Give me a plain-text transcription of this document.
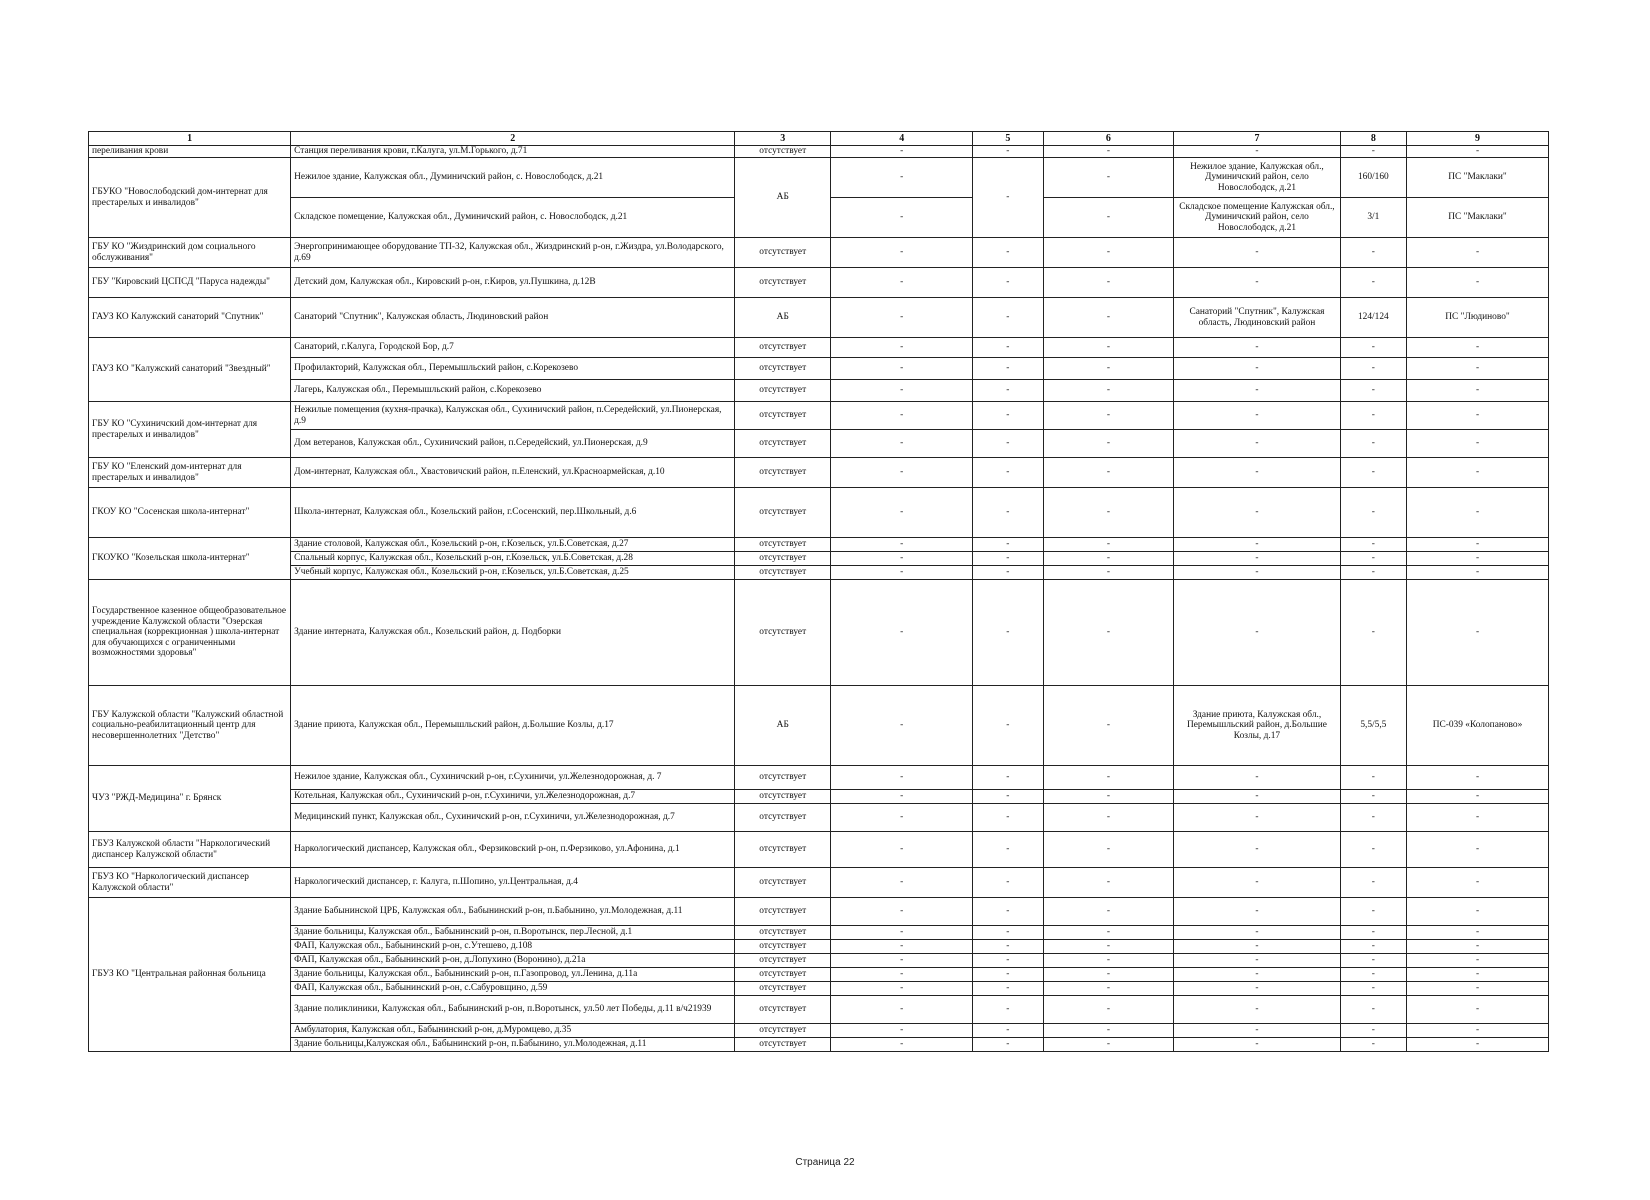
1	2	3	4	5	6	7	8	9
переливания крови	Станция переливания крови, г.Калуга, ул.М.Горького, д.71	отсутствует	-	-	-	-	-	-
ГБУКО "Новослободский дом-интернат для престарелых и инвалидов"	Нежилое здание, Калужская обл., Думиничский район, с. Новослободск, д.21	АБ	-	-	-	Нежилое здание, Калужская обл., Думиничский район, село Новослободск, д.21	160/160	ПС "Маклаки"
	Складское помещение, Калужская обл., Думиничский район, с. Новослободск, д.21		-		-	Складское помещение Калужская обл., Думиничский район, село Новослободск, д.21	3/1	ПС "Маклаки"
ГБУ КО "Жиздринский дом социального обслуживания"	Энергопринимающее оборудование ТП-32, Калужская обл., Жиздринский р-он, г.Жиздра, ул.Володарского, д.69	отсутствует	-	-	-	-	-	-
ГБУ "Кировский ЦСПСД "Паруса надежды"	Детский дом, Калужская обл., Кировский р-он, г.Киров, ул.Пушкина, д.12В	отсутствует	-	-	-	-	-	-
ГАУЗ КО Калужский санаторий "Спутник"	Санаторий "Спутник", Калужская область, Людиновский район	АБ	-	-	-	Санаторий "Спутник", Калужская область, Людиновский район	124/124	ПС "Людиново"
ГАУЗ КО "Калужский санаторий "Звездный"	Санаторий, г.Калуга, Городской Бор, д.7	отсутствует	-	-	-	-	-	-
	Профилакторий, Калужская обл., Перемышльский район, с.Корекозево	отсутствует	-	-	-	-	-	-
	Лагерь, Калужская обл., Перемышльский район, с.Корекозево	отсутствует	-	-	-	-	-	-
ГБУ КО "Сухиничский дом-интернат для престарелых и инвалидов"	Нежилые помещения (кухня-прачка), Калужская обл., Сухиничский район, п.Середейский, ул.Пионерская, д.9	отсутствует	-	-	-	-	-	-
	Дом ветеранов, Калужская обл., Сухиничский район, п.Середейский, ул.Пионерская, д.9	отсутствует	-	-	-	-	-	-
ГБУ КО "Еленский дом-интернат для престарелых и инвалидов"	Дом-интернат, Калужская обл., Хвастовичский район, п.Еленский, ул.Красноармейская, д.10	отсутствует	-	-	-	-	-	-
ГКОУ КО "Сосенская школа-интернат"	Школа-интернат, Калужская обл., Козельский район, г.Сосенский, пер.Школьный, д.6	отсутствует	-	-	-	-	-	-
ГКОУКО "Козельская школа-интернат"	Здание столовой, Калужская обл., Козельский р-он, г.Козельск, ул.Б.Советская, д.27	отсутствует	-	-	-	-	-	-
	Спальный корпус, Калужская обл., Козельский р-он, г.Козельск, ул.Б.Советская, д.28	отсутствует	-	-	-	-	-	-
	Учебный корпус, Калужская обл., Козельский р-он, г.Козельск, ул.Б.Советская, д.25	отсутствует	-	-	-	-	-	-
Государственное казенное общеобразовательное учреждение Калужской области "Озерская специальная (коррекционная ) школа-интернат для обучающихся с ограниченными возможностями здоровья"	Здание интерната, Калужская обл., Козельский район, д. Подборки	отсутствует	-	-	-	-	-	-
ГБУ Калужской области "Калужский областной социально-реабилитационный центр для несовершеннолетних "Детство"	Здание приюта, Калужская обл., Перемышльский район, д.Большие Козлы, д.17	АБ	-	-	-	Здание приюта, Калужская обл., Перемышльский район, д.Большие Козлы, д.17	5,5/5,5	ПС-039 «Колопаново»
ЧУЗ "РЖД-Медицина" г. Брянск	Нежилое здание, Калужская обл., Сухиничский р-он, г.Сухиничи, ул.Железнодорожная, д. 7	отсутствует	-	-	-	-	-	-
	Котельная, Калужская обл., Сухиничский р-он, г.Сухиничи, ул.Железнодорожная, д.7	отсутствует	-	-	-	-	-	-
	Медицинский пункт, Калужская обл., Сухиничский р-он, г.Сухиничи, ул.Железнодорожная, д.7	отсутствует	-	-	-	-	-	-
ГБУЗ Калужской области "Наркологический диспансер Калужской области"	Наркологический диспансер, Калужская обл., Ферзиковский р-он, п.Ферзиково, ул.Афонина, д.1	отсутствует	-	-	-	-	-	-
ГБУЗ КО "Наркологический диспансер Калужской области"	Наркологический диспансер, г. Калуга, п.Шопино, ул.Центральная, д.4	отсутствует	-	-	-	-	-	-
ГБУЗ КО "Центральная районная больница	Здание Бабынинской ЦРБ, Калужская обл., Бабынинский р-он, п.Бабынино, ул.Молодежная, д.11	отсутствует	-	-	-	-	-	-
	Здание больницы, Калужская обл., Бабынинский р-он, п.Воротынск, пер.Лесной, д.1	отсутствует	-	-	-	-	-	-
	ФАП, Калужская обл., Бабынинский р-он, с.Утешево, д.108	отсутствует	-	-	-	-	-	-
	ФАП, Калужская обл., Бабынинский р-он, д.Лопухино (Воронино), д.21а	отсутствует	-	-	-	-	-	-
	Здание больницы, Калужская обл., Бабынинский р-он, п.Газопровод, ул.Ленина, д.11а	отсутствует	-	-	-	-	-	-
	ФАП, Калужская обл., Бабынинский р-он, с.Сабуровщино, д.59	отсутствует	-	-	-	-	-	-
	Здание поликлиники, Калужская обл., Бабынинский р-он, п.Воротынск, ул.50 лет Победы, д.11 в/ч21939	отсутствует	-	-	-	-	-	-
	Амбулатория, Калужская обл., Бабынинский р-он, д.Муромцево, д.35	отсутствует	-	-	-	-	-	-
	Здание больницы,Калужская обл., Бабынинский р-он, п.Бабынино, ул.Молодежная, д.11	отсутствует	-	-	-	-	-	-
Страница 22
